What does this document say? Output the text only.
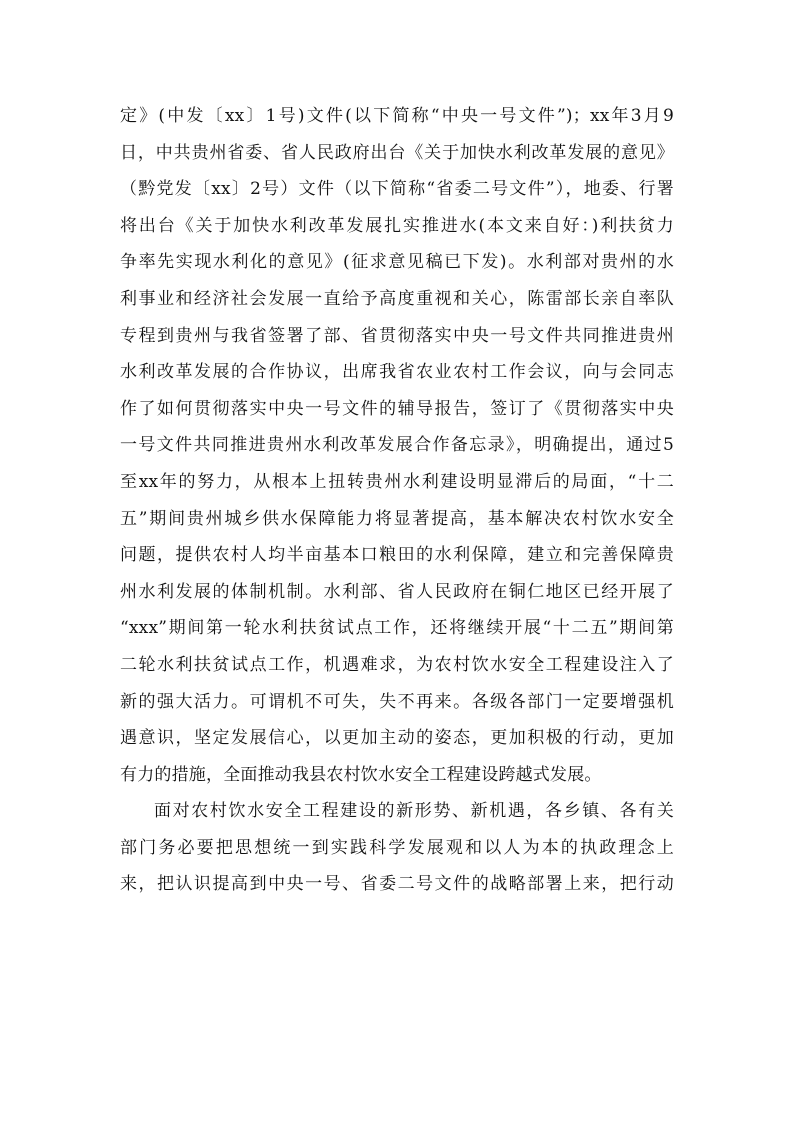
定》(中发〔xx〕1号)文件(以下简称“中央一号文件”)；xx年3月9
日，中共贵州省委、省人民政府出台《关于加快水利改革发展的意见》
（黔党发〔xx〕2号）文件（以下简称“省委二号文件”），地委、行署
将出台《关于加快水利改革发展扎实推进水(本文来自好：)利扶贫力
争率先实现水利化的意见》(征求意见稿已下发)。水利部对贵州的水
利事业和经济社会发展一直给予高度重视和关心，陈雷部长亲自率队
专程到贵州与我省签署了部、省贯彻落实中央一号文件共同推进贵州
水利改革发展的合作协议，出席我省农业农村工作会议，向与会同志
作了如何贯彻落实中央一号文件的辅导报告，签订了《贯彻落实中央
一号文件共同推进贵州水利改革发展合作备忘录》，明确提出，通过5
至xx年的努力，从根本上扭转贵州水利建设明显滞后的局面，“十二
五”期间贵州城乡供水保障能力将显著提高，基本解决农村饮水安全
问题，提供农村人均半亩基本口粮田的水利保障，建立和完善保障贵
州水利发展的体制机制。水利部、省人民政府在铜仁地区已经开展了
“xxx”期间第一轮水利扶贫试点工作，还将继续开展“十二五”期间第
二轮水利扶贫试点工作，机遇难求，为农村饮水安全工程建设注入了
新的强大活力。可谓机不可失，失不再来。各级各部门一定要增强机
遇意识，坚定发展信心，以更加主动的姿态，更加积极的行动，更加
有力的措施，全面推动我县农村饮水安全工程建设跨越式发展。
面对农村饮水安全工程建设的新形势、新机遇，各乡镇、各有关
部门务必要把思想统一到实践科学发展观和以人为本的执政理念上
来，把认识提高到中央一号、省委二号文件的战略部署上来，把行动
